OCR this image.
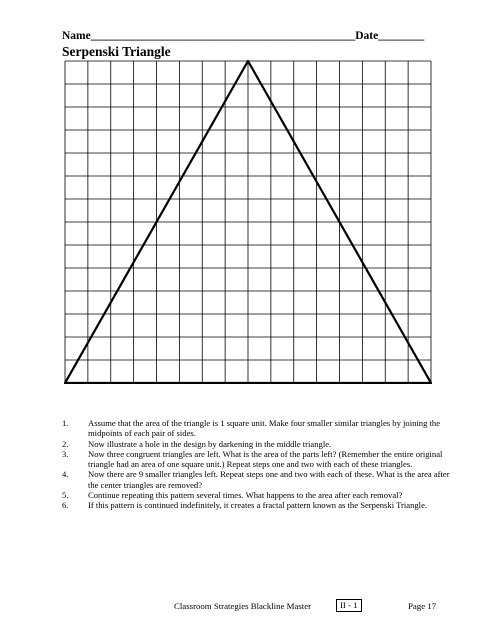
Name______________________________________________Date________
Serpenski Triangle
1. Assume that the area of the triangle is 1 square unit. Make four smaller similar triangles by joining the midpoints of each pair of sides.
2. Now illustrate a hole in the design by darkening in the middle triangle.
3. Now three congruent triangles are left. What is the area of the parts left? (Remember the entire original triangle had an area of one square unit.) Repeat steps one and two with each of these triangles.
4. Now there are 9 smaller triangles left. Repeat steps one and two with each of these. What is the area after the center triangles are removed?
5. Continue repeating this pattern several times. What happens to the area after each removal?
6. If this pattern is continued indefinitely, it creates a fractal pattern known as the Serpenski Triangle.
Classroom Strategies Blackline Master	II - 1	Page 17
